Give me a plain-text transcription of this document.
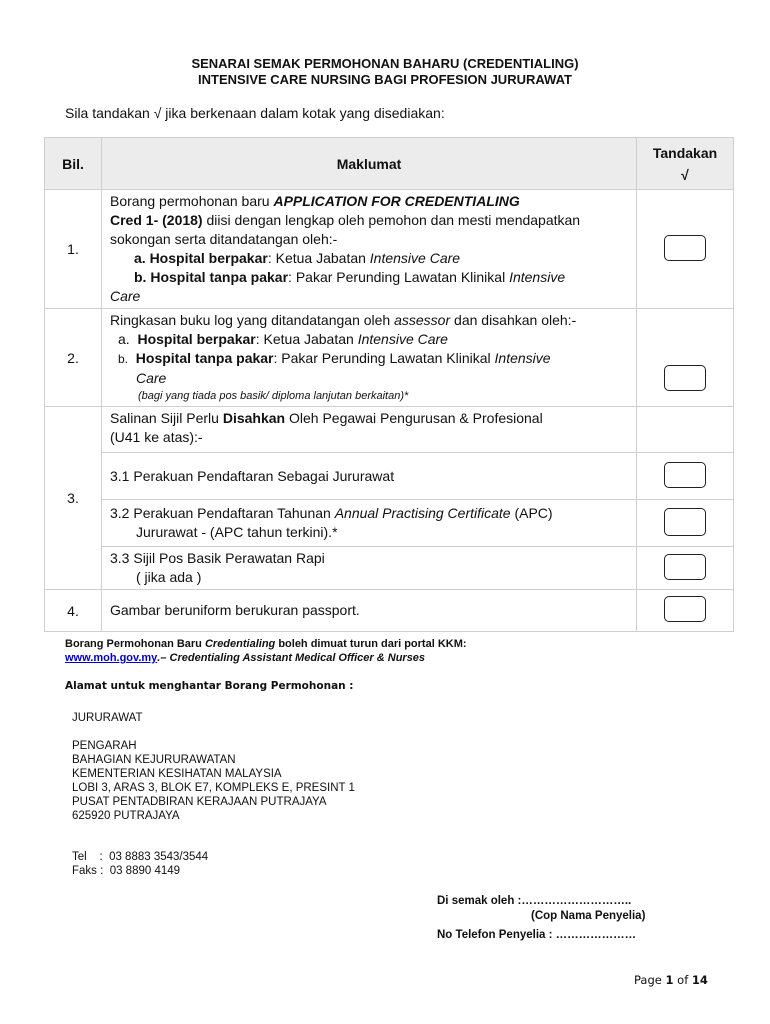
SENARAI SEMAK PERMOHONAN BAHARU (CREDENTIALING)
INTENSIVE CARE NURSING BAGI PROFESION JURURAWAT
Sila tandakan √ jika berkenaan dalam kotak yang disediakan:
Bil.	Maklumat	Tandakan
√

1.	Borang permohonan baru APPLICATION FOR CREDENTIALING
Cred 1- (2018) diisi dengan lengkap oleh pemohon dan mesti mendapatkan sokongan serta ditandatangan oleh:-
a. Hospital berpakar: Ketua Jabatan Intensive Care
b. Hospital tanpa pakar: Pakar Perunding Lawatan Klinikal Intensive
Care	

2.	Ringkasan buku log yang ditandatangan oleh assessor dan disahkan oleh:-
a. Hospital berpakar: Ketua Jabatan Intensive Care
b. Hospital tanpa pakar: Pakar Perunding Lawatan Klinikal Intensive
Care
(bagi yang tiada pos basik/ diploma lanjutan berkaitan)*	

3.	Salinan Sijil Perlu Disahkan Oleh Pegawai Pengurusan & Profesional
(U41 ke atas):-	

	3.1 Perakuan Pendaftaran Sebagai Jururawat	

	3.2 Perakuan Pendaftaran Tahunan Annual Practising Certificate (APC)
Jururawat - (APC tahun terkini).*	

	3.3 Sijil Pos Basik Perawatan Rapi
( jika ada )	

4.	Gambar beruniform berukuran passport.	
Borang Permohonan Baru Credentialing boleh dimuat turun dari portal KKM:
www.moh.gov.my.– Credentialing Assistant Medical Officer & Nurses
Alamat untuk menghantar Borang Permohonan :
JURURAWAT
PENGARAH
BAHAGIAN KEJURURAWATAN
KEMENTERIAN KESIHATAN MALAYSIA
LOBI 3, ARAS 3, BLOK E7, KOMPLEKS E, PRESINT 1
PUSAT PENTADBIRAN KERAJAAN PUTRAJAYA
625920 PUTRAJAYA
Tel    :  03 8883 3543/3544
Faks :  03 8890 4149
Di semak oleh :………………………..
(Cop Nama Penyelia)
No Telefon Penyelia : …………………
Page 1 of 14
